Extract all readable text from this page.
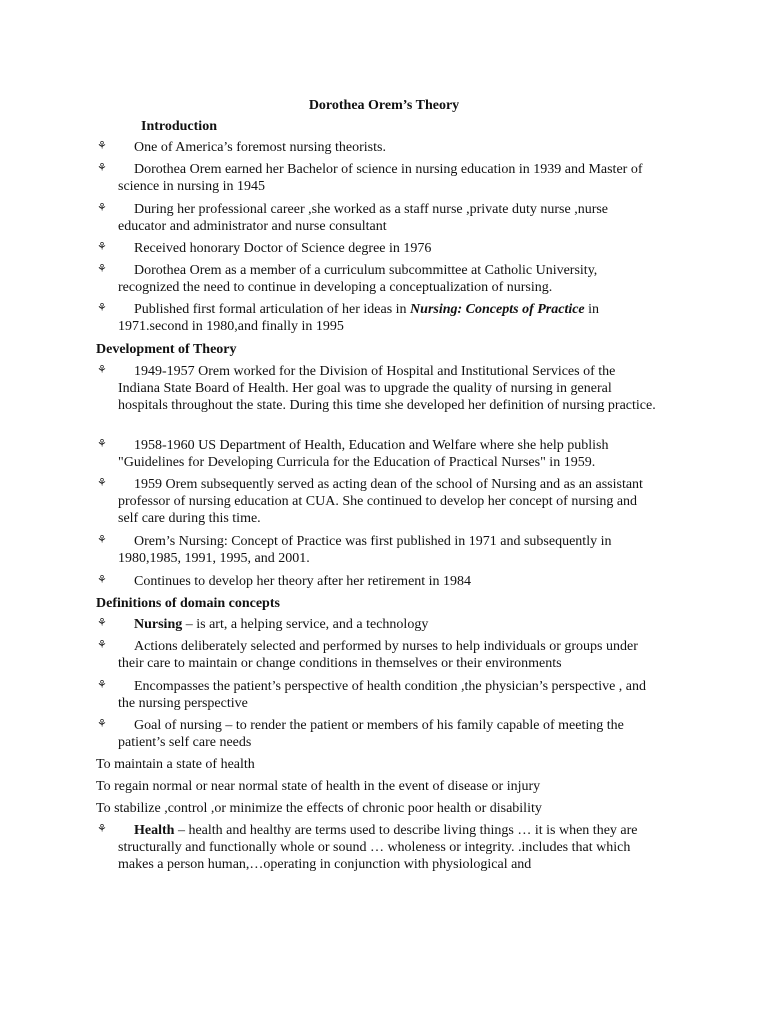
Dorothea Orem’s Theory
Introduction
⚘	One of America’s foremost nursing theorists.
⚘	Dorothea Orem earned her Bachelor of science in nursing education in 1939 and Master of science in nursing in 1945
⚘	During her professional career ,she worked as a staff nurse ,private duty nurse ,nurse educator and administrator and nurse consultant
⚘	Received honorary Doctor of Science degree in 1976
⚘	Dorothea Orem as a member of a curriculum subcommittee at Catholic University, recognized the need to continue in developing a conceptualization of nursing.
⚘	Published first formal articulation of her ideas in Nursing: Concepts of Practice in 1971.second in 1980,and finally in 1995
Development of Theory
⚘	1949-1957 Orem worked for the Division of Hospital and Institutional Services of the Indiana State Board of Health. Her goal was to upgrade the quality of nursing in general hospitals throughout the state. During this time she developed her definition of nursing practice.
⚘	1958-1960 US Department of Health, Education and Welfare where she help publish "Guidelines for Developing Curricula for the Education of Practical Nurses" in 1959.
⚘	1959 Orem subsequently served as acting dean of the school of Nursing and as an assistant professor of nursing education at CUA. She continued to develop her concept of nursing and self care during this time.
⚘	Orem’s Nursing: Concept of Practice was first published in 1971 and subsequently in 1980,1985, 1991, 1995, and 2001.
⚘	Continues to develop her theory after her retirement in 1984
Definitions of domain concepts
⚘	Nursing – is art, a helping service, and a technology
⚘	Actions deliberately selected and performed by nurses to help individuals or groups under their care to maintain or change conditions in themselves or their environments
⚘	Encompasses the patient’s perspective of health condition ,the physician’s perspective , and the nursing perspective
⚘	Goal of nursing – to render the patient or members of his family capable of meeting the patient’s self care needs
To maintain a state of health
To regain normal or near normal state of health in the event of disease or injury
To stabilize ,control ,or minimize the effects of chronic poor health or disability
⚘	Health – health and healthy are terms used to describe living things … it is when they are structurally and functionally whole or sound … wholeness or integrity. .includes that which makes a person human,…operating in conjunction with physiological and
